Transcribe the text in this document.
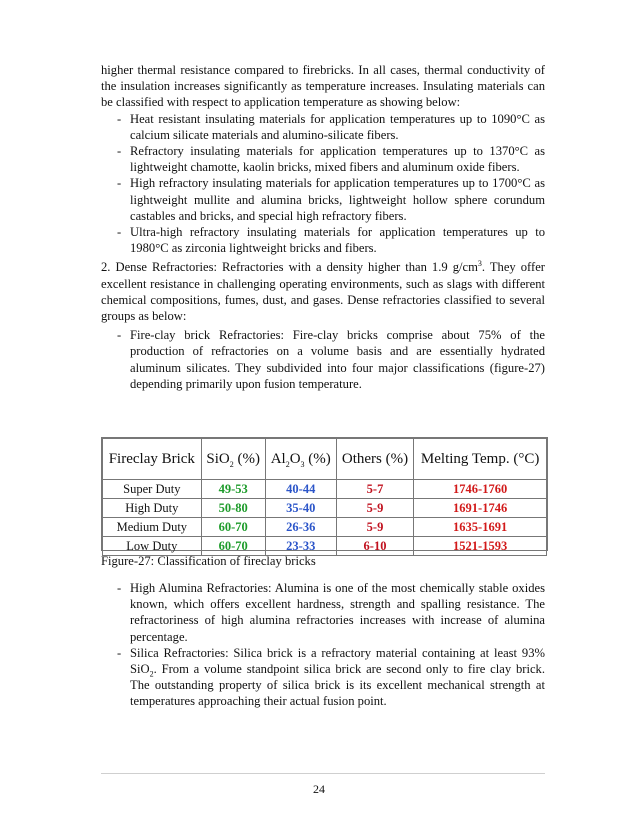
higher thermal resistance compared to firebricks. In all cases, thermal conductivity of the insulation increases significantly as temperature increases. Insulating materials can be classified with respect to application temperature as showing below:

- Heat resistant insulating materials for application temperatures up to 1090°C as calcium silicate materials and alumino-silicate fibers.
- Refractory insulating materials for application temperatures up to 1370°C as lightweight chamotte, kaolin bricks, mixed fibers and aluminum oxide fibers.
- High refractory insulating materials for application temperatures up to 1700°C as lightweight mullite and alumina bricks, lightweight hollow sphere corundum castables and bricks, and special high refractory fibers.
- Ultra-high refractory insulating materials for application temperatures up to 1980°C as zirconia lightweight bricks and fibers.

2. Dense Refractories: Refractories with a density higher than 1.9 $g/cm^3$. They offer excellent resistance in challenging operating environments, such as slags with different chemical compositions, fumes, dust, and gases. Dense refractories classified to several groups as below:

- Fire-clay brick Refractories: Fire-clay bricks comprise about 75% of the production of refractories on a volume basis and are essentially hydrated aluminum silicates. They subdivided into four major classifications (figure-27) depending primarily upon fusion temperature.
Fireclay Brick	SiO$_2$ (%)	$Al_2O_3$ (%)	Others (%)	Melting Temp. (°C)
Super Duty	49-53	40-44	5-7	1746-1760
High Duty	50-80	35-40	5-9	1691-1746
Medium Duty	60-70	26-36	5-9	1635-1691
Low Duty	60-70	23-33	6-10	1521-1593
Figure-27: Classification of fireclay bricks
- High Alumina Refractories: Alumina is one of the most chemically stable oxides known, which offers excellent hardness, strength and spalling resistance. The refractoriness of high alumina refractories increases with increase of alumina percentage.
- Silica Refractories: Silica brick is a refractory material containing at least 93% SiO$_2$. From a volume standpoint silica brick are second only to fire clay brick. The outstanding property of silica brick is its excellent mechanical strength at temperatures approaching their actual fusion point.
24
